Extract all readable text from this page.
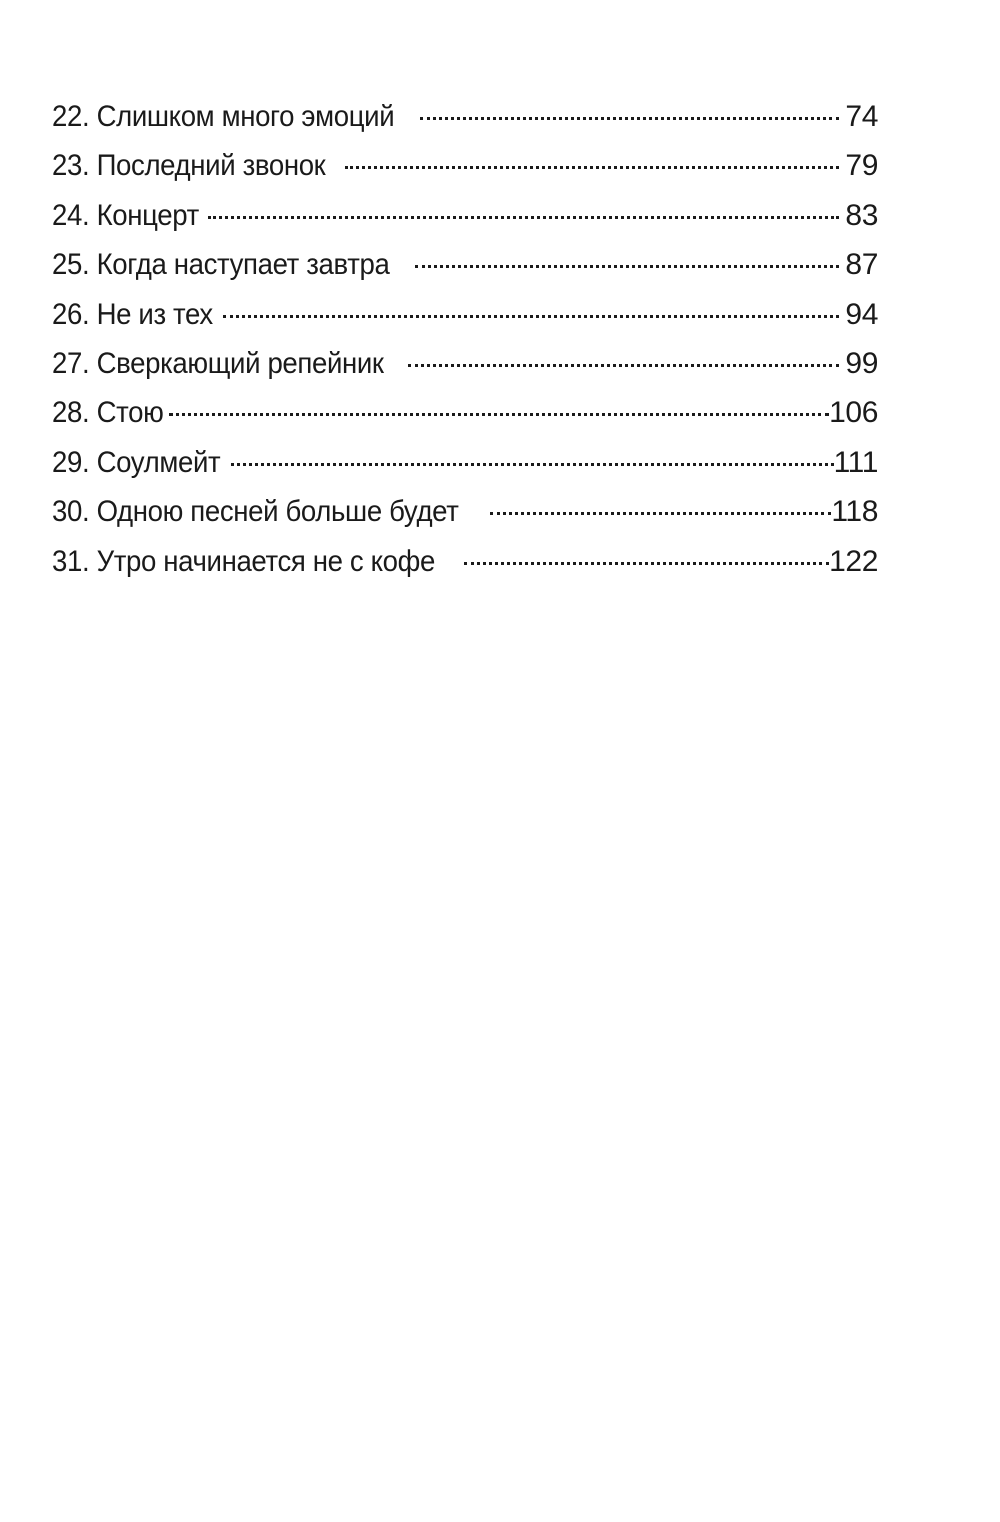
22. Слишком много эмоций	74
23. Последний звонок	79
24. Концерт	83
25. Когда наступает завтра	87
26. Не из тех	94
27. Сверкающий репейник	99
28. Стою	106
29. Соулмейт	111
30. Одною песней больше будет	118
31. Утро начинается не с кофе	122
